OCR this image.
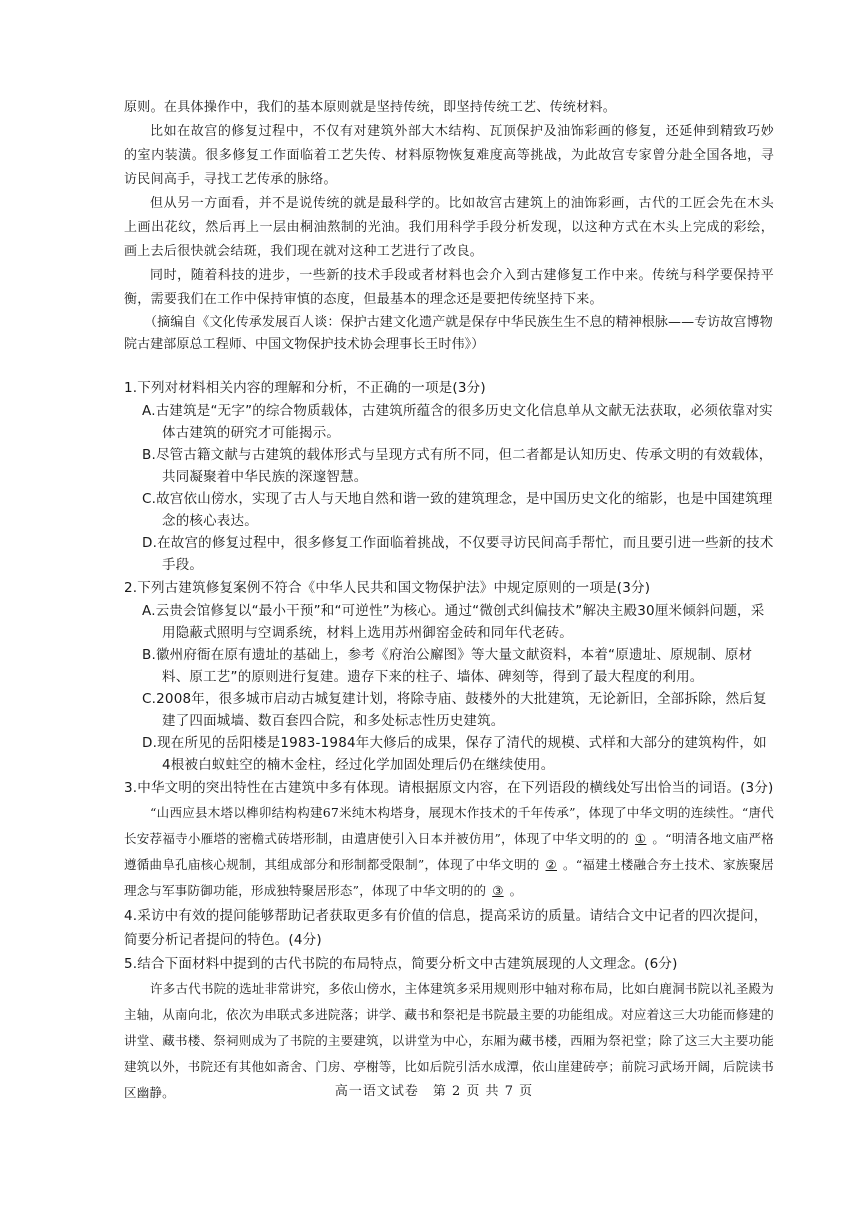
原则。在具体操作中，我们的基本原则就是坚持传统，即坚持传统工艺、传统材料。

比如在故宫的修复过程中，不仅有对建筑外部大木结构、瓦顶保护及油饰彩画的修复，还延伸到精致巧妙的室内装潢。很多修复工作面临着工艺失传、材料原物恢复难度高等挑战，为此故宫专家曾分赴全国各地，寻访民间高手，寻找工艺传承的脉络。

但从另一方面看，并不是说传统的就是最科学的。比如故宫古建筑上的油饰彩画，古代的工匠会先在木头上画出花纹，然后再上一层由桐油熬制的光油。我们用科学手段分析发现，以这种方式在木头上完成的彩绘，画上去后很快就会结斑，我们现在就对这种工艺进行了改良。

同时，随着科技的进步，一些新的技术手段或者材料也会介入到古建修复工作中来。传统与科学要保持平衡，需要我们在工作中保持审慎的态度，但最基本的理念还是要把传统坚持下来。

（摘编自《文化传承发展百人谈：保护古建文化遗产就是保存中华民族生生不息的精神根脉——专访故宫博物院古建部原总工程师、中国文物保护技术协会理事长王时伟》）

1.下列对材料相关内容的理解和分析，不正确的一项是(3分)

A.古建筑是“无字”的综合物质载体，古建筑所蕴含的很多历史文化信息单从文献无法获取，必须依靠对实体古建筑的研究才可能揭示。

B.尽管古籍文献与古建筑的载体形式与呈现方式有所不同，但二者都是认知历史、传承文明的有效载体，共同凝聚着中华民族的深邃智慧。

C.故宫依山傍水，实现了古人与天地自然和谐一致的建筑理念，是中国历史文化的缩影，也是中国建筑理念的核心表达。

D.在故宫的修复过程中，很多修复工作面临着挑战，不仅要寻访民间高手帮忙，而且要引进一些新的技术手段。

2.下列古建筑修复案例不符合《中华人民共和国文物保护法》中规定原则的一项是(3分)

A.云贵会馆修复以“最小干预”和“可逆性”为核心。通过“微创式纠偏技术”解决主殿30厘米倾斜问题，采用隐蔽式照明与空调系统，材料上选用苏州御窑金砖和同年代老砖。

B.徽州府衙在原有遗址的基础上，参考《府治公廨图》等大量文献资料，本着“原遗址、原规制、原材料、原工艺”的原则进行复建。遗存下来的柱子、墙体、碑刻等，得到了最大程度的利用。

C.2008年，很多城市启动古城复建计划，将除寺庙、鼓楼外的大批建筑，无论新旧，全部拆除，然后复建了四面城墙、数百套四合院，和多处标志性历史建筑。

D.现在所见的岳阳楼是1983-1984年大修后的成果，保存了清代的规模、式样和大部分的建筑构件，如4根被白蚁蛀空的楠木金柱，经过化学加固处理后仍在继续使用。

3.中华文明的突出特性在古建筑中多有体现。请根据原文内容，在下列语段的横线处写出恰当的词语。(3分)

“山西应县木塔以榫卯结构构建67米纯木构塔身，展现木作技术的千年传承”，体现了中华文明的连续性。“唐代长安荐福寺小雁塔的密檐式砖塔形制，由遣唐使引入日本并被仿用”，体现了中华文明的的 ① 。“明清各地文庙严格遵循曲阜孔庙核心规制，其组成部分和形制都受限制”，体现了中华文明的 ② 。“福建土楼融合夯土技术、家族聚居理念与军事防御功能，形成独特聚居形态”，体现了中华文明的的 ③ 。

4.采访中有效的提问能够帮助记者获取更多有价值的信息，提高采访的质量。请结合文中记者的四次提问，简要分析记者提问的特色。(4分)

5.结合下面材料中提到的古代书院的布局特点，简要分析文中古建筑展现的人文理念。(6分)

许多古代书院的选址非常讲究，多依山傍水，主体建筑多采用规则形中轴对称布局，比如白鹿洞书院以礼圣殿为主轴，从南向北，依次为串联式多进院落；讲学、藏书和祭祀是书院最主要的功能组成。对应着这三大功能而修建的讲堂、藏书楼、祭祠则成为了书院的主要建筑，以讲堂为中心，东厢为藏书楼，西厢为祭祀堂；除了这三大主要功能建筑以外，书院还有其他如斋舍、门房、亭榭等，比如后院引活水成潭，依山崖建砖亭；前院习武场开阔，后院读书区幽静。	高一语文试卷　第 2 页 共 7 页
